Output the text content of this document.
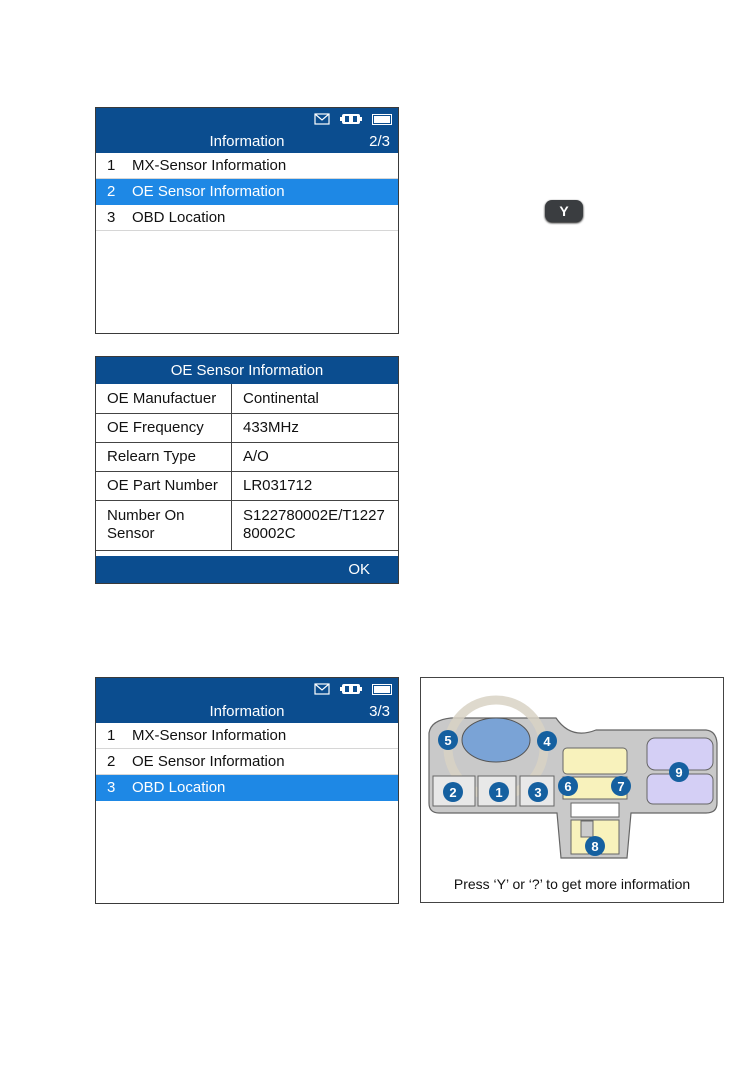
Information	2/3
1	MX-Sensor Information
2	OE Sensor Information
3	OBD Location	Y
OE Sensor Information
OE Manufactuer	Continental
OE Frequency	433MHz
Relearn Type	A/O
OE Part Number	LR031712
Number On Sensor	S122780002E/T122780002C
OK
Information	3/3
1	MX-Sensor Information
2	OE Sensor Information
3	OBD Location	1
2	3
4
5
6	7
8
9
Press ‘Y’ or ‘?’ to get more information
